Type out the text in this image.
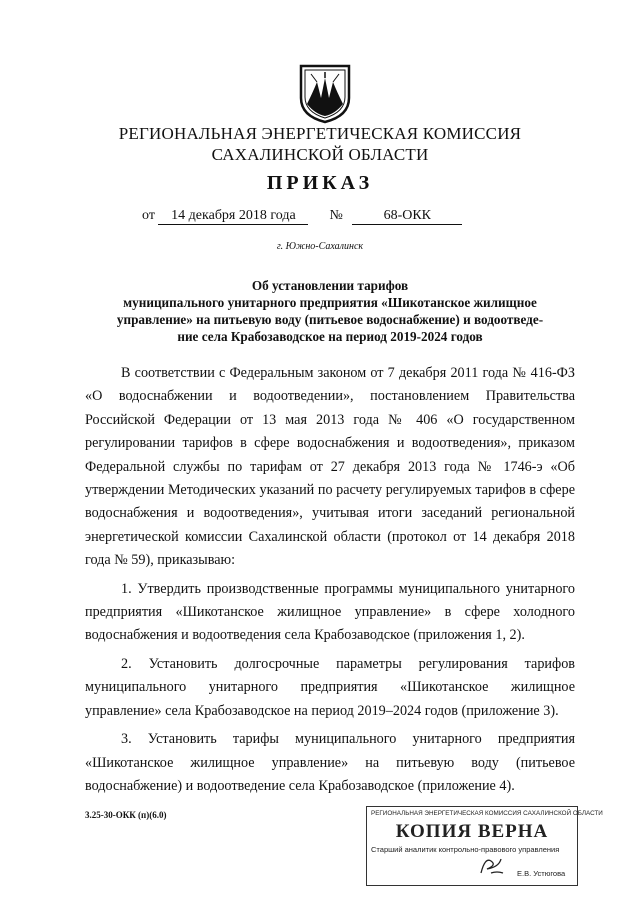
РЕГИОНАЛЬНАЯ ЭНЕРГЕТИЧЕСКАЯ КОМИССИЯ
САХАЛИНСКОЙ ОБЛАСТИ
ПРИКАЗ
от 14 декабря 2018 года №	68-ОКК
г. Южно-Сахалинск
Об установлении тарифов
муниципального унитарного предприятия «Шикотанское жилищное
управление» на питьевую воду (питьевое водоснабжение) и водоотведе-
ние села Крабозаводское на период 2019-2024 годов

В соответствии с Федеральным законом от 7 декабря 2011 года № 416-ФЗ «О водоснабжении и водоотведении», постановлением Правительства Российской Федерации от 13 мая 2013 года № 406 «О государственном регулировании тарифов в сфере водоснабжения и водоотведения», приказом Федеральной службы по тарифам от 27 декабря 2013 года № 1746-э «Об утверждении Методических указаний по расчету регулируемых тарифов в сфере водоснабжения и водоотведения», учитывая итоги заседаний региональной энергетической комиссии Сахалинской области (протокол от 14 декабря 2018 года № 59), приказываю:

1. Утвердить производственные программы муниципального унитарного предприятия «Шикотанское жилищное управление» в сфере холодного водоснабжения и водоотведения села Крабозаводское (приложения 1, 2).

2. Установить долгосрочные параметры регулирования тарифов муниципального унитарного предприятия «Шикотанское жилищное управление» села Крабозаводское на период 2019–2024 годов (приложение 3).

3. Установить тарифы муниципального унитарного предприятия «Шикотанское жилищное управление» на питьевую воду (питьевое водоснабжение) и водоотведение села Крабозаводское (приложение 4).

3.25-30-ОКК (п)(6.0)	РЕГИОНАЛЬНАЯ ЭНЕРГЕТИЧЕСКАЯ КОМИССИЯ САХАЛИНСКОЙ ОБЛАСТИ
КОПИЯ ВЕРНА
Старший аналитик контрольно-правового управления
Е.В. Устюгова
